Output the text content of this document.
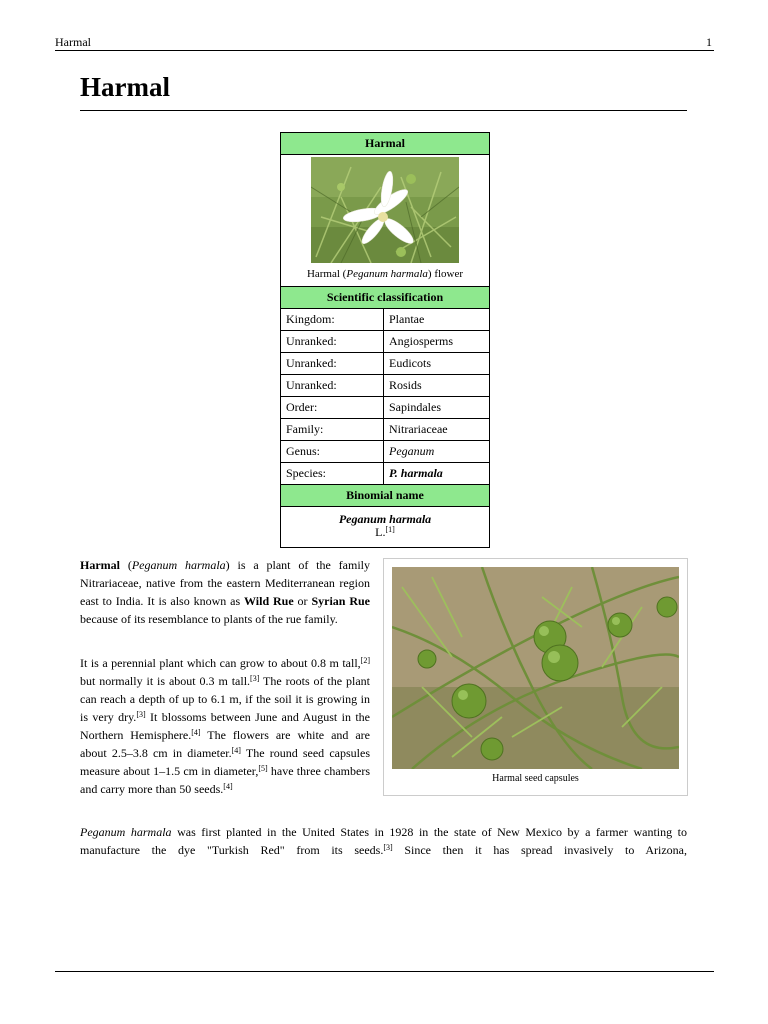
Harmal	1
Harmal
Harmal
Harmal (Peganum harmala) flower
Scientific classification
Kingdom:	Plantae
Unranked:	Angiosperms
Unranked:	Eudicots
Unranked:	Rosids
Order:	Sapindales
Family:	Nitrariaceae
Genus:	Peganum
Species:	P. harmala
Binomial name
Peganum harmala
L.[1]
Harmal (Peganum harmala) is a plant of the family Nitrariaceae, native from the eastern Mediterranean region east to India. It is also known as Wild Rue or Syrian Rue because of its resemblance to plants of the rue family.
It is a perennial plant which can grow to about 0.8 m tall,[2] but normally it is about 0.3 m tall.[3] The roots of the plant can reach a depth of up to 6.1 m, if the soil it is growing in is very dry.[3] It blossoms between June and August in the Northern Hemisphere.[4] The flowers are white and are about 2.5–3.8 cm in diameter.[4] The round seed capsules measure about 1–1.5 cm in diameter,[5] have three chambers and carry more than 50 seeds.[4]
Harmal seed capsules
Peganum harmala was first planted in the United States in 1928 in the state of New Mexico by a farmer wanting to manufacture the dye "Turkish Red" from its seeds.[3] Since then it has spread invasively to Arizona,
